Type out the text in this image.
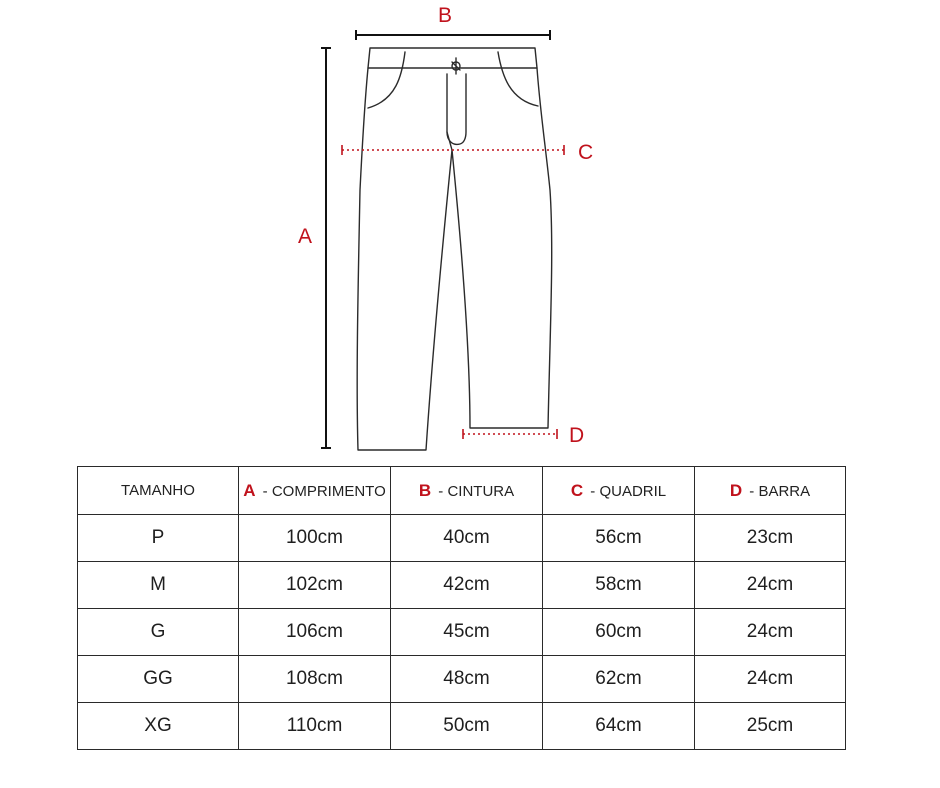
B
A
C
D
TAMANHO	A - COMPRIMENTO	B - CINTURA	C - QUADRIL	D - BARRA
P	100cm	40cm	56cm	23cm
M	102cm	42cm	58cm	24cm
G	106cm	45cm	60cm	24cm
GG	108cm	48cm	62cm	24cm
XG	110cm	50cm	64cm	25cm
